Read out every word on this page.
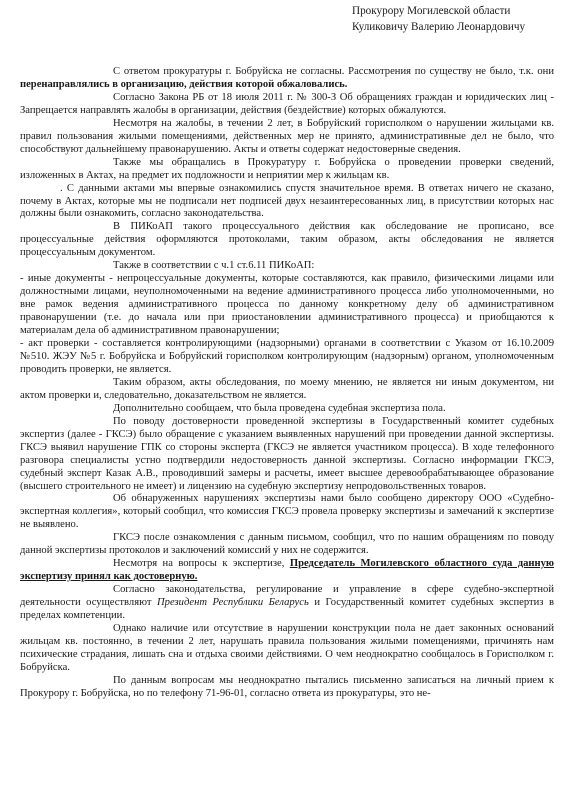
Прокурору Могилевской области
Куликовичу Валерию Леонардовичу

С ответом прокуратуры г. Бобруйска не согласны. Рассмотрения по существу не было, т.к. они перенаправлялись в организацию, действия которой обжаловались.

Согласно Закона РБ от 18 июля 2011 г. № 300-З Об обращениях граждан и юридических лиц - Запрещается направлять жалобы в организации, действия (бездействие) которых обжалуются.

Несмотря на жалобы, в течении 2 лет, в Бобруйский горисполком о нарушении жильцами кв. правил пользования жилыми помещениями, действенных мер не принято, административные дел не было, что способствуют дальнейшему правонарушению. Акты и ответы содержат недостоверные сведения.

Также мы обращались в Прокуратуру г. Бобруйска о проведении проверки сведений, изложенных в Актах, на предмет их подложности и неприятии мер к жильцам кв.

. С данными актами мы впервые ознакомились спустя значительное время. В ответах ничего не сказано, почему в Актах, которые мы не подписали нет подписей двух незаинтересованных лиц, в присутствии которых нас должны были ознакомить, согласно законодательства.

В ПИКоАП такого процессуального действия как обследование не прописано, все процессуальные действия оформляются протоколами, таким образом, акты обследования не является процессуальным документом.

Также в соответствии с ч.1 ст.6.11 ПИКоАП:

- иные документы - непроцессуальные документы, которые составляются, как правило, физическими лицами или должностными лицами, неуполномоченными на ведение административного процесса либо уполномоченными, но вне рамок ведения административного процесса по данному конкретному делу об административном правонарушении (т.е. до начала или при приостановлении административного процесса) и приобщаются к материалам дела об административном правонарушении;

- акт проверки - составляется контролирующими (надзорными) органами в соответствии с Указом от 16.10.2009 №510. ЖЭУ №5 г. Бобруйска и Бобруйский горисполком контролирующим (надзорным) органом, уполномоченным проводить проверки, не является.

Таким образом, акты обследования, по моему мнению, не является ни иным документом, ни актом проверки и, следовательно, доказательством не является.

Дополнительно сообщаем, что была проведена судебная экспертиза пола.

По поводу достоверности проведенной экспертизы в Государственный комитет судебных экспертиз (далее - ГКСЭ) было обращение с указанием выявленных нарушений при проведении данной экспертизы. ГКСЭ выявил нарушение ГПК со стороны эксперта (ГКСЭ не является участником процесса). В ходе телефонного разговора специалисты устно подтвердили недостоверность данной экспертизы. Согласно информации ГКСЭ, судебный эксперт Казак А.В., проводивший замеры и расчеты, имеет высшее деревообрабатывающее образование (высшего строительного не имеет) и лицензию на судебную экспертизу непродовольственных товаров.

Об обнаруженных нарушениях экспертизы нами было сообщено директору ООО «Судебно-экспертная коллегия», который сообщил, что комиссия ГКСЭ провела проверку экспертизы и замечаний к экспертизе не выявлено.

ГКСЭ после ознакомления с данным письмом, сообщил, что по нашим обращениям по поводу данной экспертизы протоколов и заключений комиссий у них не содержится.

Несмотря на вопросы к экспертизе, Председатель Могилевского областного суда данную экспертизу принял как достоверную.

Согласно законодательства, регулирование и управление в сфере судебно-экспертной деятельности осуществляют Президент Республики Беларусь и Государственный комитет судебных экспертиз в пределах компетенции.

Однако наличие или отсутствие в нарушении конструкции пола не дает законных оснований жильцам кв. постоянно, в течении 2 лет, нарушать правила пользования жилыми помещениями, причинять нам психические страдания, лишать сна и отдыха своими действиями. О чем неоднократно сообщалось в Горисполком г. Бобруйска.

По данным вопросам мы неоднократно пытались письменно записаться на личный прием к Прокурору г. Бобруйска, но по телефону 71-96-01, согласно ответа из прокуратуры, это не-
